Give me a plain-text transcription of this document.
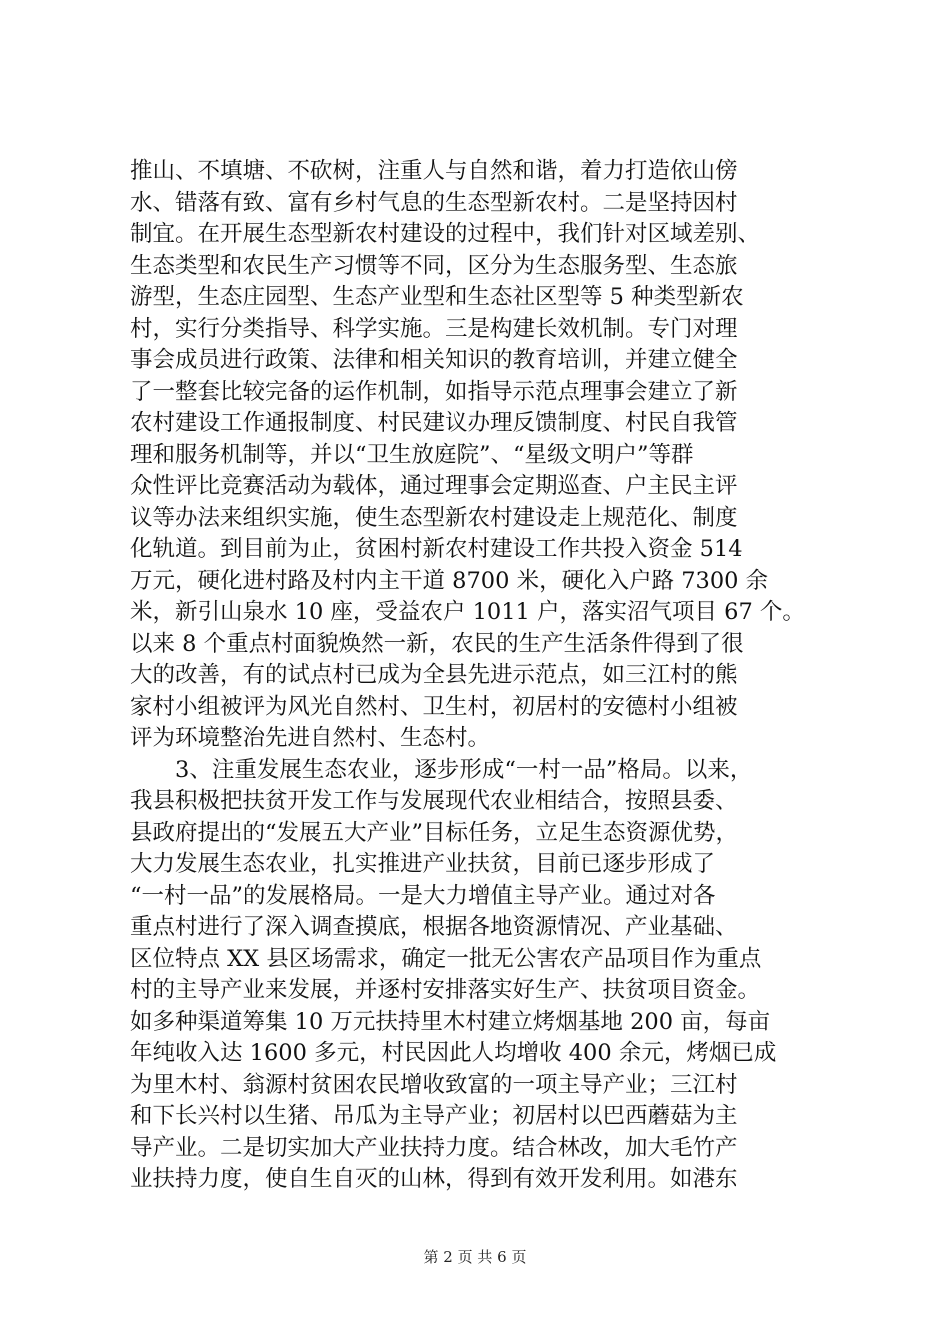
推山、不填塘、不砍树，注重人与自然和谐，着力打造依山傍
水、错落有致、富有乡村气息的生态型新农村。二是坚持因村
制宜。在开展生态型新农村建设的过程中，我们针对区域差别、
生态类型和农民生产习惯等不同，区分为生态服务型、生态旅
游型，生态庄园型、生态产业型和生态社区型等 5 种类型新农
村，实行分类指导、科学实施。三是构建长效机制。专门对理
事会成员进行政策、法律和相关知识的教育培训，并建立健全
了一整套比较完备的运作机制，如指导示范点理事会建立了新
农村建设工作通报制度、村民建议办理反馈制度、村民自我管
理和服务机制等，并以“卫生放庭院”、“星级文明户”等群
众性评比竞赛活动为载体，通过理事会定期巡查、户主民主评
议等办法来组织实施，使生态型新农村建设走上规范化、制度
化轨道。到目前为止，贫困村新农村建设工作共投入资金 514
万元，硬化进村路及村内主干道 8700 米，硬化入户路 7300 余
米，新引山泉水 10 座，受益农户 1011 户，落实沼气项目 67 个。
以来 8 个重点村面貌焕然一新，农民的生产生活条件得到了很
大的改善，有的试点村已成为全县先进示范点，如三江村的熊
家村小组被评为风光自然村、卫生村，初居村的安德村小组被
评为环境整治先进自然村、生态村。
　　3、注重发展生态农业，逐步形成“一村一品”格局。以来，
我县积极把扶贫开发工作与发展现代农业相结合，按照县委、
县政府提出的“发展五大产业”目标任务，立足生态资源优势，
大力发展生态农业，扎实推进产业扶贫，目前已逐步形成了
“一村一品”的发展格局。一是大力增值主导产业。通过对各
重点村进行了深入调查摸底，根据各地资源情况、产业基础、
区位特点 XX 县区场需求，确定一批无公害农产品项目作为重点
村的主导产业来发展，并逐村安排落实好生产、扶贫项目资金。
如多种渠道筹集 10 万元扶持里木村建立烤烟基地 200 亩，每亩
年纯收入达 1600 多元，村民因此人均增收 400 余元，烤烟已成
为里木村、翁源村贫困农民增收致富的一项主导产业；三江村
和下长兴村以生猪、吊瓜为主导产业；初居村以巴西蘑菇为主
导产业。二是切实加大产业扶持力度。结合林改，加大毛竹产
业扶持力度，使自生自灭的山林，得到有效开发利用。如港东
第 2 页 共 6 页
